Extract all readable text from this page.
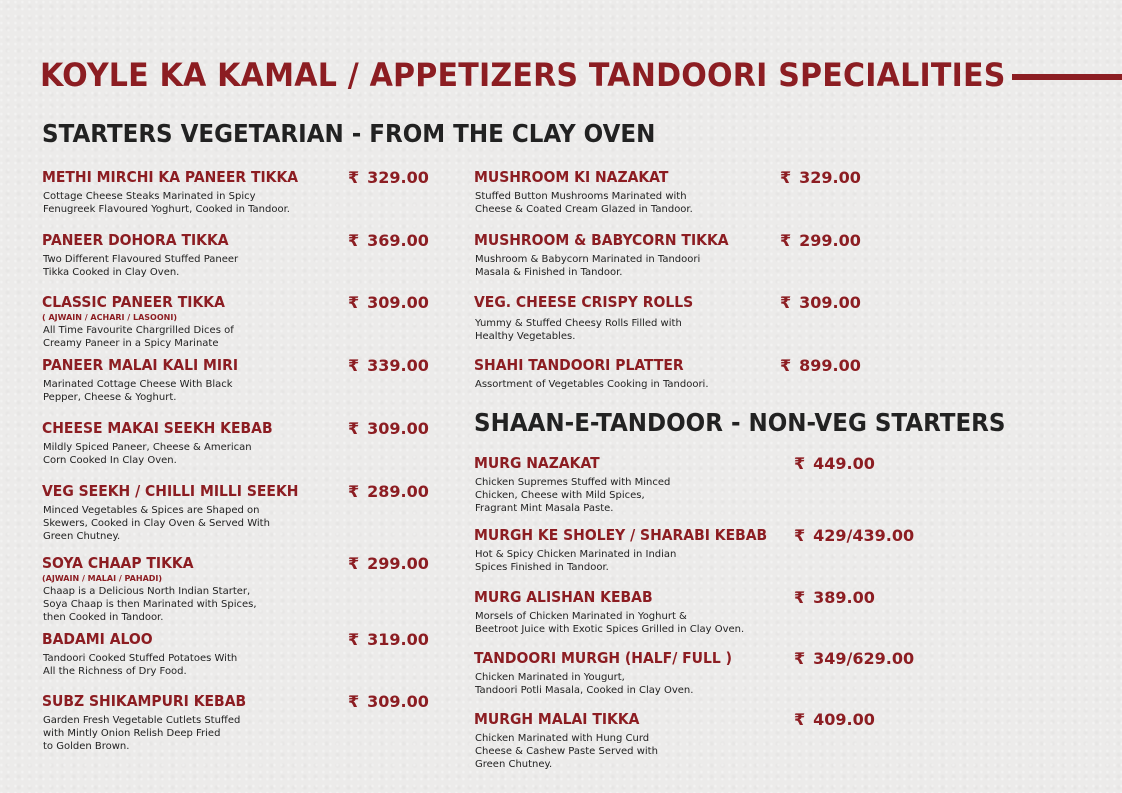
KOYLE KA KAMAL / APPETIZERS TANDOORI SPECIALITIES
STARTERS VEGETARIAN - FROM THE CLAY OVEN
SHAAN-E-TANDOOR - NON-VEG STARTERS
METHI MIRCHI KA PANEER TIKKA	₹ 329.00
Cottage Cheese Steaks Marinated in Spicy
Fenugreek Flavoured Yoghurt, Cooked in Tandoor.
PANEER DOHORA TIKKA	₹ 369.00
Two Different Flavoured Stuffed Paneer
Tikka Cooked in Clay Oven.
CLASSIC PANEER TIKKA	₹ 309.00
( AJWAIN / ACHARI / LASOONI)
All Time Favourite Chargrilled Dices of
Creamy Paneer in a Spicy Marinate
PANEER MALAI KALI MIRI	₹ 339.00
Marinated Cottage Cheese With Black
Pepper, Cheese & Yoghurt.
CHEESE MAKAI SEEKH KEBAB	₹ 309.00
Mildly Spiced Paneer, Cheese & American
Corn Cooked In Clay Oven.
VEG SEEKH / CHILLI MILLI SEEKH	₹ 289.00
Minced Vegetables & Spices are Shaped on
Skewers, Cooked in Clay Oven & Served With
Green Chutney.
SOYA CHAAP TIKKA	₹ 299.00
(AJWAIN / MALAI / PAHADI)
Chaap is a Delicious North Indian Starter,
Soya Chaap is then Marinated with Spices,
then Cooked in Tandoor.
BADAMI ALOO	₹ 319.00
Tandoori Cooked Stuffed Potatoes With
All the Richness of Dry Food.
SUBZ SHIKAMPURI KEBAB	₹ 309.00
Garden Fresh Vegetable Cutlets Stuffed
with Mintly Onion Relish Deep Fried
to Golden Brown.
MUSHROOM KI NAZAKAT	₹ 329.00
Stuffed Button Mushrooms Marinated with
Cheese & Coated Cream Glazed in Tandoor.
MUSHROOM & BABYCORN TIKKA	₹ 299.00
Mushroom & Babycorn Marinated in Tandoori
Masala & Finished in Tandoor.
VEG. CHEESE CRISPY ROLLS	₹ 309.00
Yummy & Stuffed Cheesy Rolls Filled with
Healthy Vegetables.
SHAHI TANDOORI PLATTER	₹ 899.00
Assortment of Vegetables Cooking in Tandoori.
MURG NAZAKAT	₹ 449.00
Chicken Supremes Stuffed with Minced
Chicken, Cheese with Mild Spices,
Fragrant Mint Masala Paste.
MURGH KE SHOLEY / SHARABI KEBAB ₹ 429/439.00
Hot & Spicy Chicken Marinated in Indian
Spices Finished in Tandoor.
MURG ALISHAN KEBAB	₹ 389.00
Morsels of Chicken Marinated in Yoghurt &
Beetroot Juice with Exotic Spices Grilled in Clay Oven.
TANDOORI MURGH (HALF/ FULL )	₹ 349/629.00
Chicken Marinated in Yougurt,
Tandoori Potli Masala, Cooked in Clay Oven.
MURGH MALAI TIKKA	₹ 409.00
Chicken Marinated with Hung Curd
Cheese & Cashew Paste Served with
Green Chutney.
